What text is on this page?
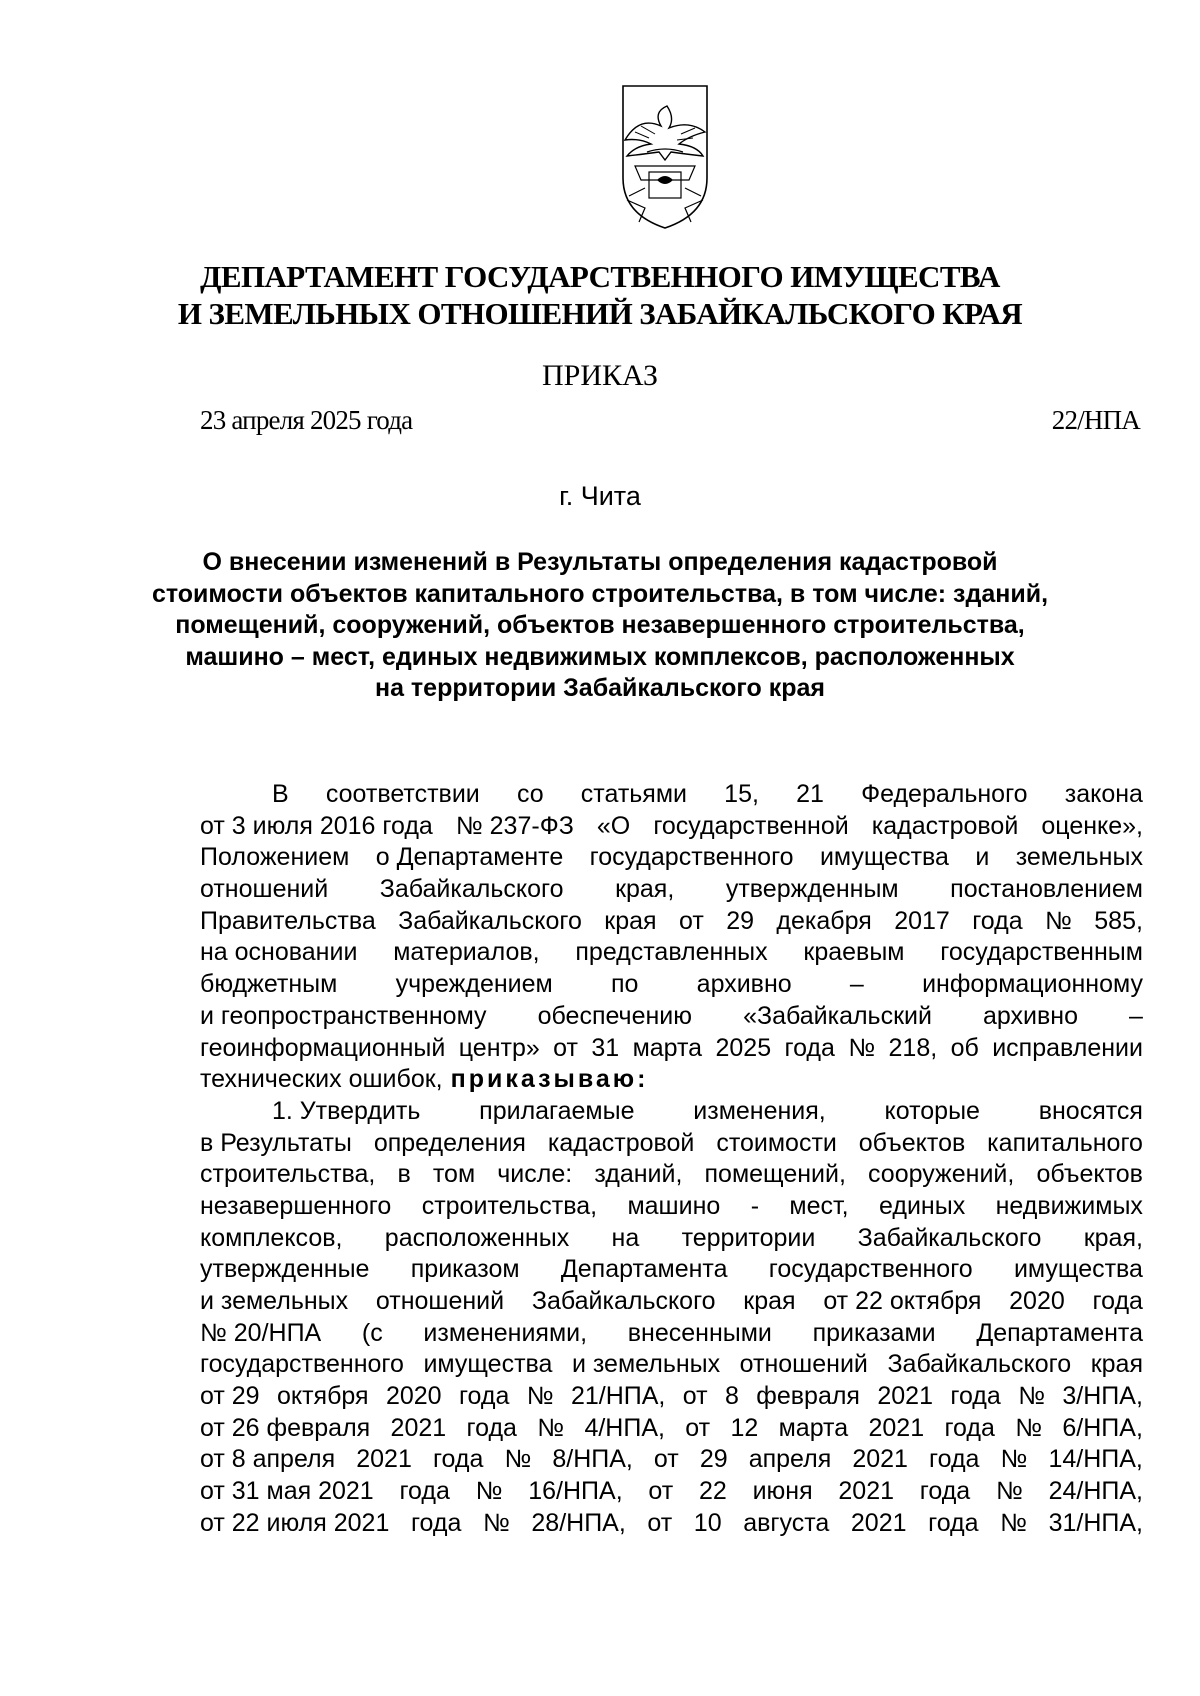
ДЕПАРТАМЕНТ ГОСУДАРСТВЕННОГО ИМУЩЕСТВА
И ЗЕМЕЛЬНЫХ ОТНОШЕНИЙ ЗАБАЙКАЛЬСКОГО КРАЯ
ПРИКАЗ
23 апреля 2025 года	22/НПА
г. Чита
О внесении изменений в Результаты определения кадастровой
стоимости объектов капитального строительства, в том числе: зданий,
помещений, сооружений, объектов незавершенного строительства,
машино – мест, единых недвижимых комплексов, расположенных
на территории Забайкальского края
В соответствии со статьями 15, 21 Федерального закона
от 3 июля 2016 года № 237-ФЗ «О государственной кадастровой оценке»,
Положением о Департаменте государственного имущества и земельных
отношений Забайкальского края, утвержденным постановлением
Правительства Забайкальского края от 29 декабря 2017 года № 585,
на основании материалов, представленных краевым государственным
бюджетным учреждением по архивно – информационному
и геопространственному обеспечению «Забайкальский архивно –
геоинформационный центр» от 31 марта 2025 года № 218, об исправлении
технических ошибок, приказываю:
1. Утвердить прилагаемые изменения, которые вносятся
в Результаты определения кадастровой стоимости объектов капитального
строительства, в том числе: зданий, помещений, сооружений, объектов
незавершенного строительства, машино - мест, единых недвижимых
комплексов, расположенных на территории Забайкальского края,
утвержденные приказом Департамента государственного имущества
и земельных отношений Забайкальского края от 22 октября 2020 года
№ 20/НПА (с изменениями, внесенными приказами Департамента
государственного имущества и земельных отношений Забайкальского края
от 29 октября 2020 года № 21/НПА, от 8 февраля 2021 года № 3/НПА,
от 26 февраля 2021 года № 4/НПА, от 12 марта 2021 года № 6/НПА,
от 8 апреля 2021 года № 8/НПА, от 29 апреля 2021 года № 14/НПА,
от 31 мая 2021 года № 16/НПА, от 22 июня 2021 года № 24/НПА,
от 22 июля 2021 года № 28/НПА, от 10 августа 2021 года № 31/НПА,
